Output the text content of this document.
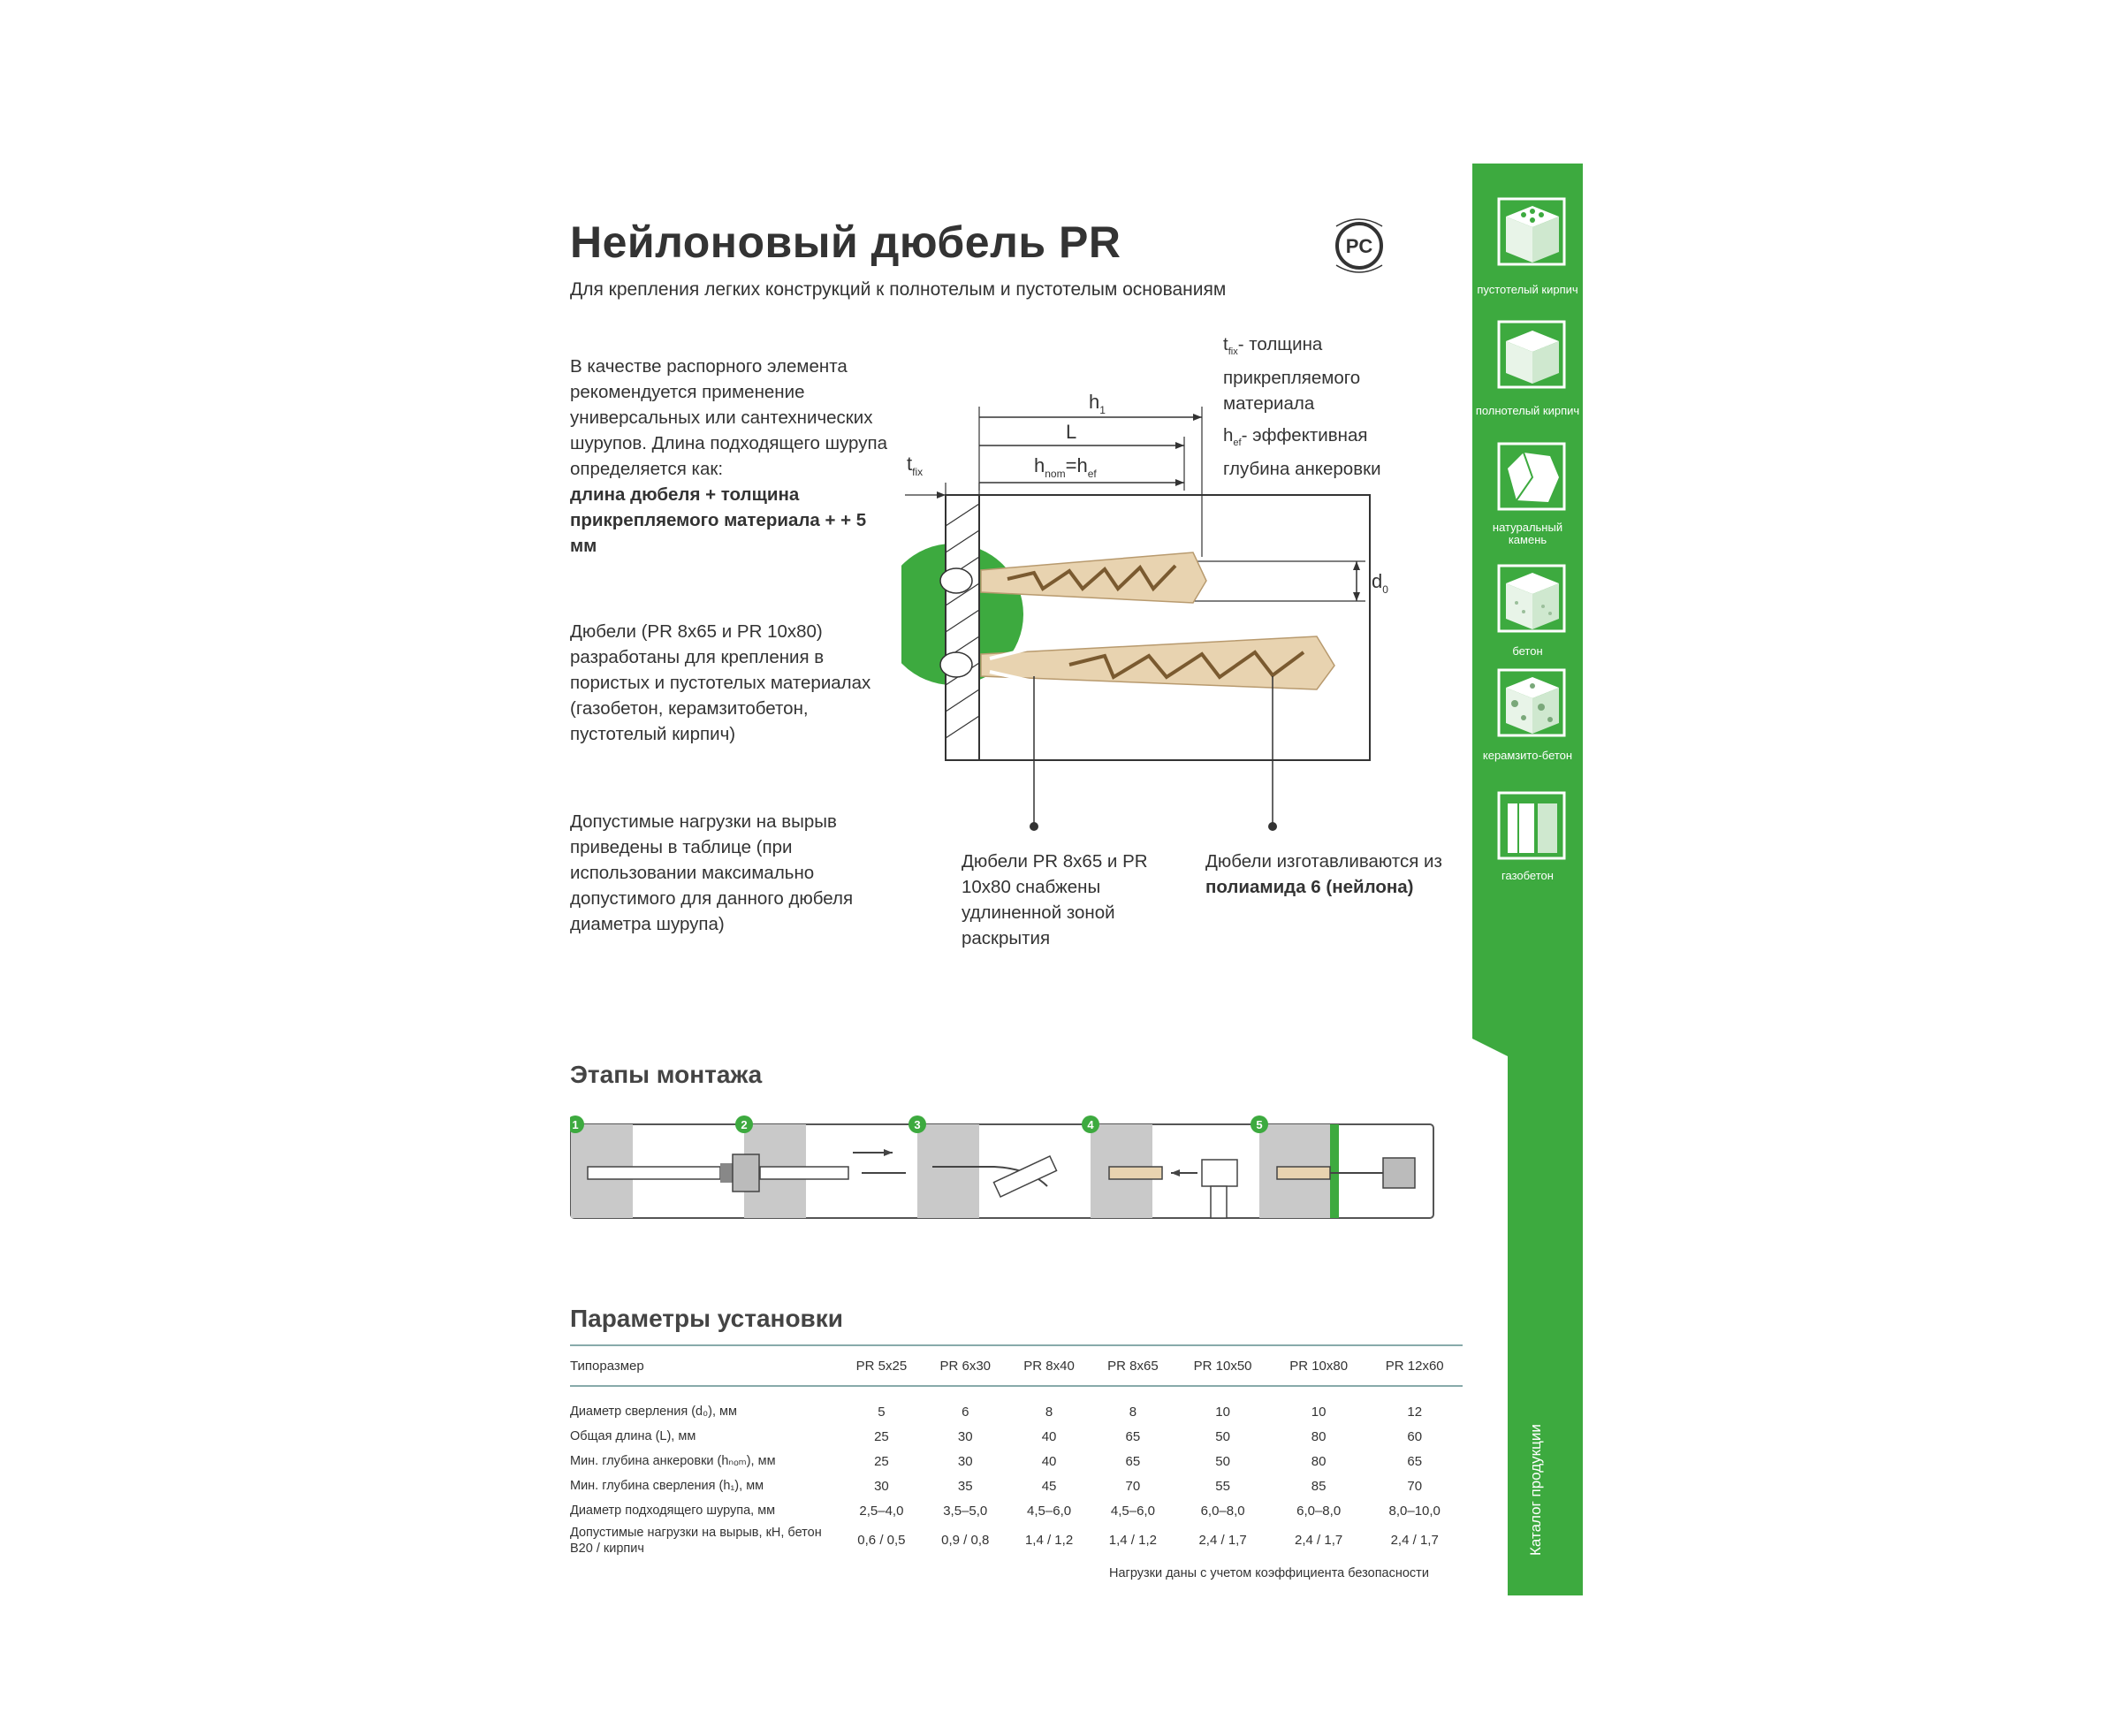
Нейлоновый дюбель PR
Для крепления легких конструкций к полнотелым и пустотелым основаниям
PC
В качестве распорного элемента рекомендуется применение универсальных или сантехнических шурупов. Длина подходящего шурупа определяется как:
длина дюбеля + толщина прикрепляемого материала + + 5 мм
Дюбели (PR 8х65 и PR 10х80) разработаны для крепления в пористых и пустотелых материалах (газобетон, керамзитобетон, пустотелый кирпич)
Допустимые нагрузки на вырыв приведены в таблице (при использовании максимально допустимого для данного дюбеля диаметра шурупа)
$t_{fix}-$ толщина прикрепляемого материала
$h_{ef}-$ эффективная глубина анкеровки
$h_1$
L
$h_{nom}=h_{ef}$
$t_{fix}$
$d_0$
Дюбели PR 8х65 и PR 10х80 снабжены удлиненной зоной раскрытия
Дюбели изготавливаются из полиамида 6 (нейлона)
Этапы монтажа
1	2	3	4	5
Параметры установки
Типоразмер	PR 5x25	PR 6x30	PR 8x40	PR 8x65	PR 10x50	PR 10x80	PR 12x60

Диаметр сверления (d₀), мм	5	6	8	8	10	10	12
Общая длина (L), мм	25	30	40	65	50	80	60
Мин. глубина анкеровки (hₙₒₘ), мм	25	30	40	65	50	80	65
Мин. глубина сверления (h₁), мм	30	35	45	70	55	85	70
Диаметр подходящего шурупа, мм	2,5–4,0	3,5–5,0	4,5–6,0	4,5–6,0	6,0–8,0	6,0–8,0	8,0–10,0
Допустимые нагрузки на вырыв, кН, бетон В20 / кирпич	0,6 / 0,5	0,9 / 0,8	1,4 / 1,2	1,4 / 1,2	2,4 / 1,7	2,4 / 1,7	2,4 / 1,7
Нагрузки даны с учетом коэффициента безопасности
пустотелый кирпич
полнотелый кирпич
натуральный камень
бетон
керамзито-бетон
газобетон
Каталог продукции
